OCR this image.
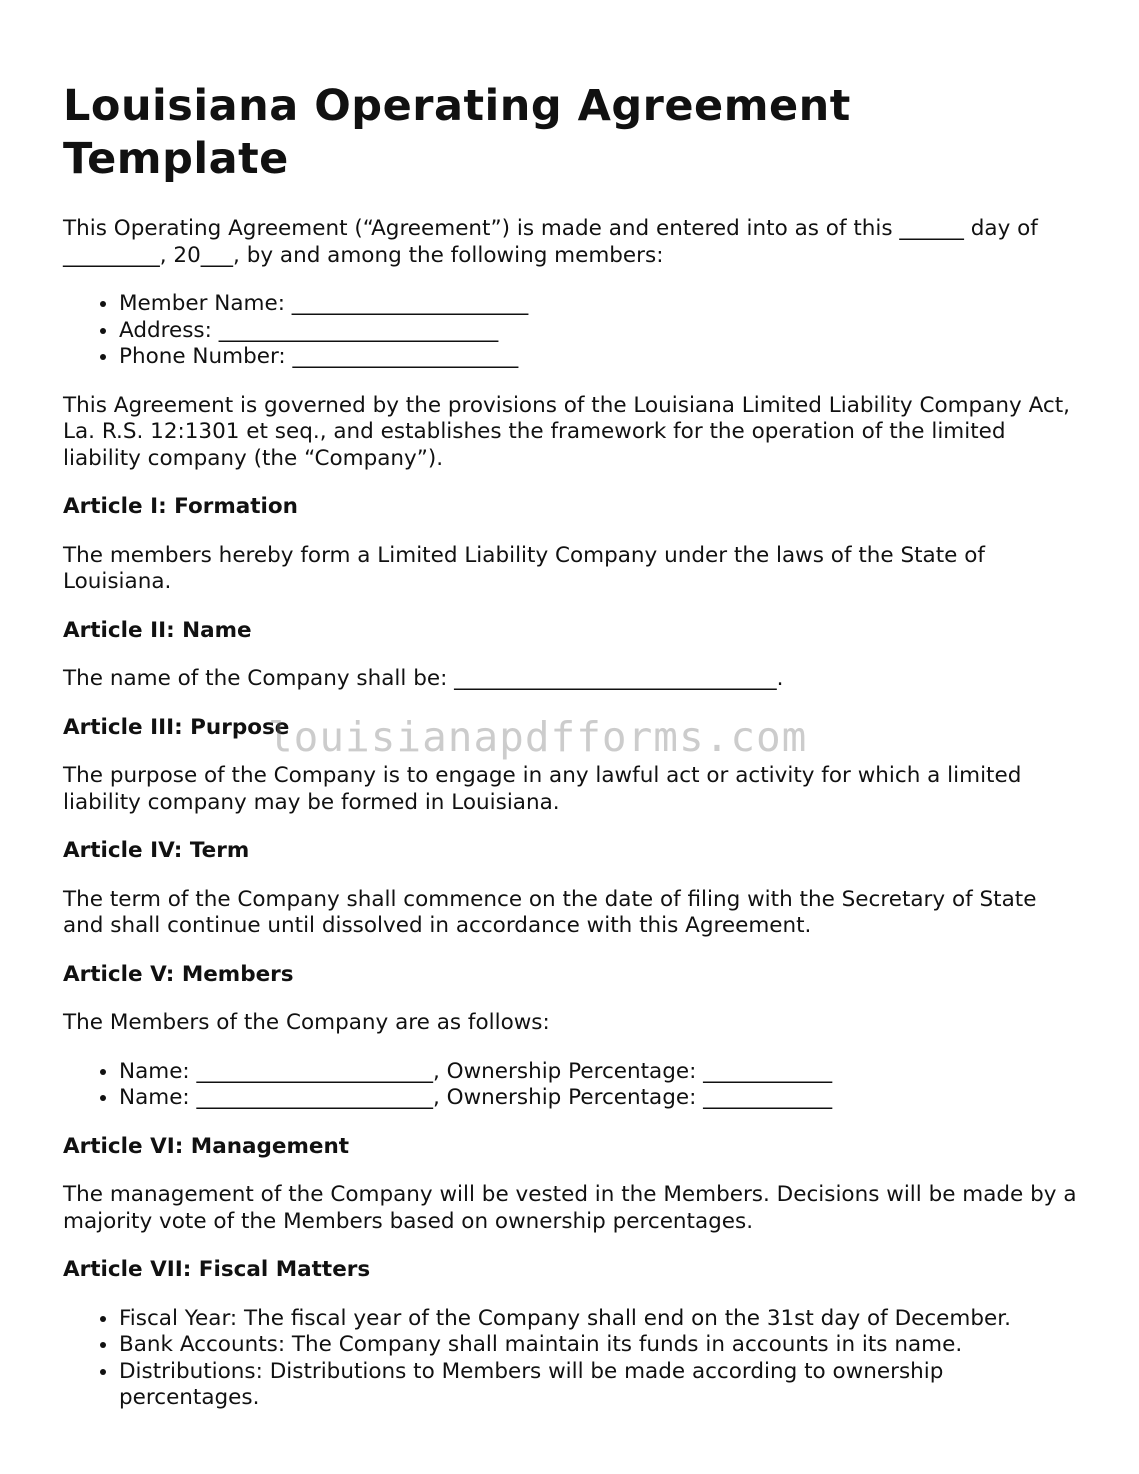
Louisiana Operating Agreement Template

This Operating Agreement (“Agreement”) is made and entered into as of this ______ day of _________, 20___, by and among the following members:

• Member Name: ______________________
• Address: __________________________
• Phone Number: _____________________

This Agreement is governed by the provisions of the Louisiana Limited Liability Company Act, La. R.S. 12:1301 et seq., and establishes the framework for the operation of the limited liability company (the “Company”).

Article I: Formation

The members hereby form a Limited Liability Company under the laws of the State of Louisiana.

Article II: Name

The name of the Company shall be: ______________________________.

Article III: Purpose

The purpose of the Company is to engage in any lawful act or activity for which a limited liability company may be formed in Louisiana.

Article IV: Term

The term of the Company shall commence on the date of filing with the Secretary of State and shall continue until dissolved in accordance with this Agreement.

Article V: Members

The Members of the Company are as follows:

• Name: ______________________, Ownership Percentage: ____________
• Name: ______________________, Ownership Percentage: ____________
Article VI: Management

The management of the Company will be vested in the Members. Decisions will be made by a majority vote of the Members based on ownership percentages.

Article VII: Fiscal Matters
• Fiscal Year: The fiscal year of the Company shall end on the 31st day of December.
• Bank Accounts: The Company shall maintain its funds in accounts in its name.
• Distributions: Distributions to Members will be made according to ownership percentages.
louisianapdfforms.com
